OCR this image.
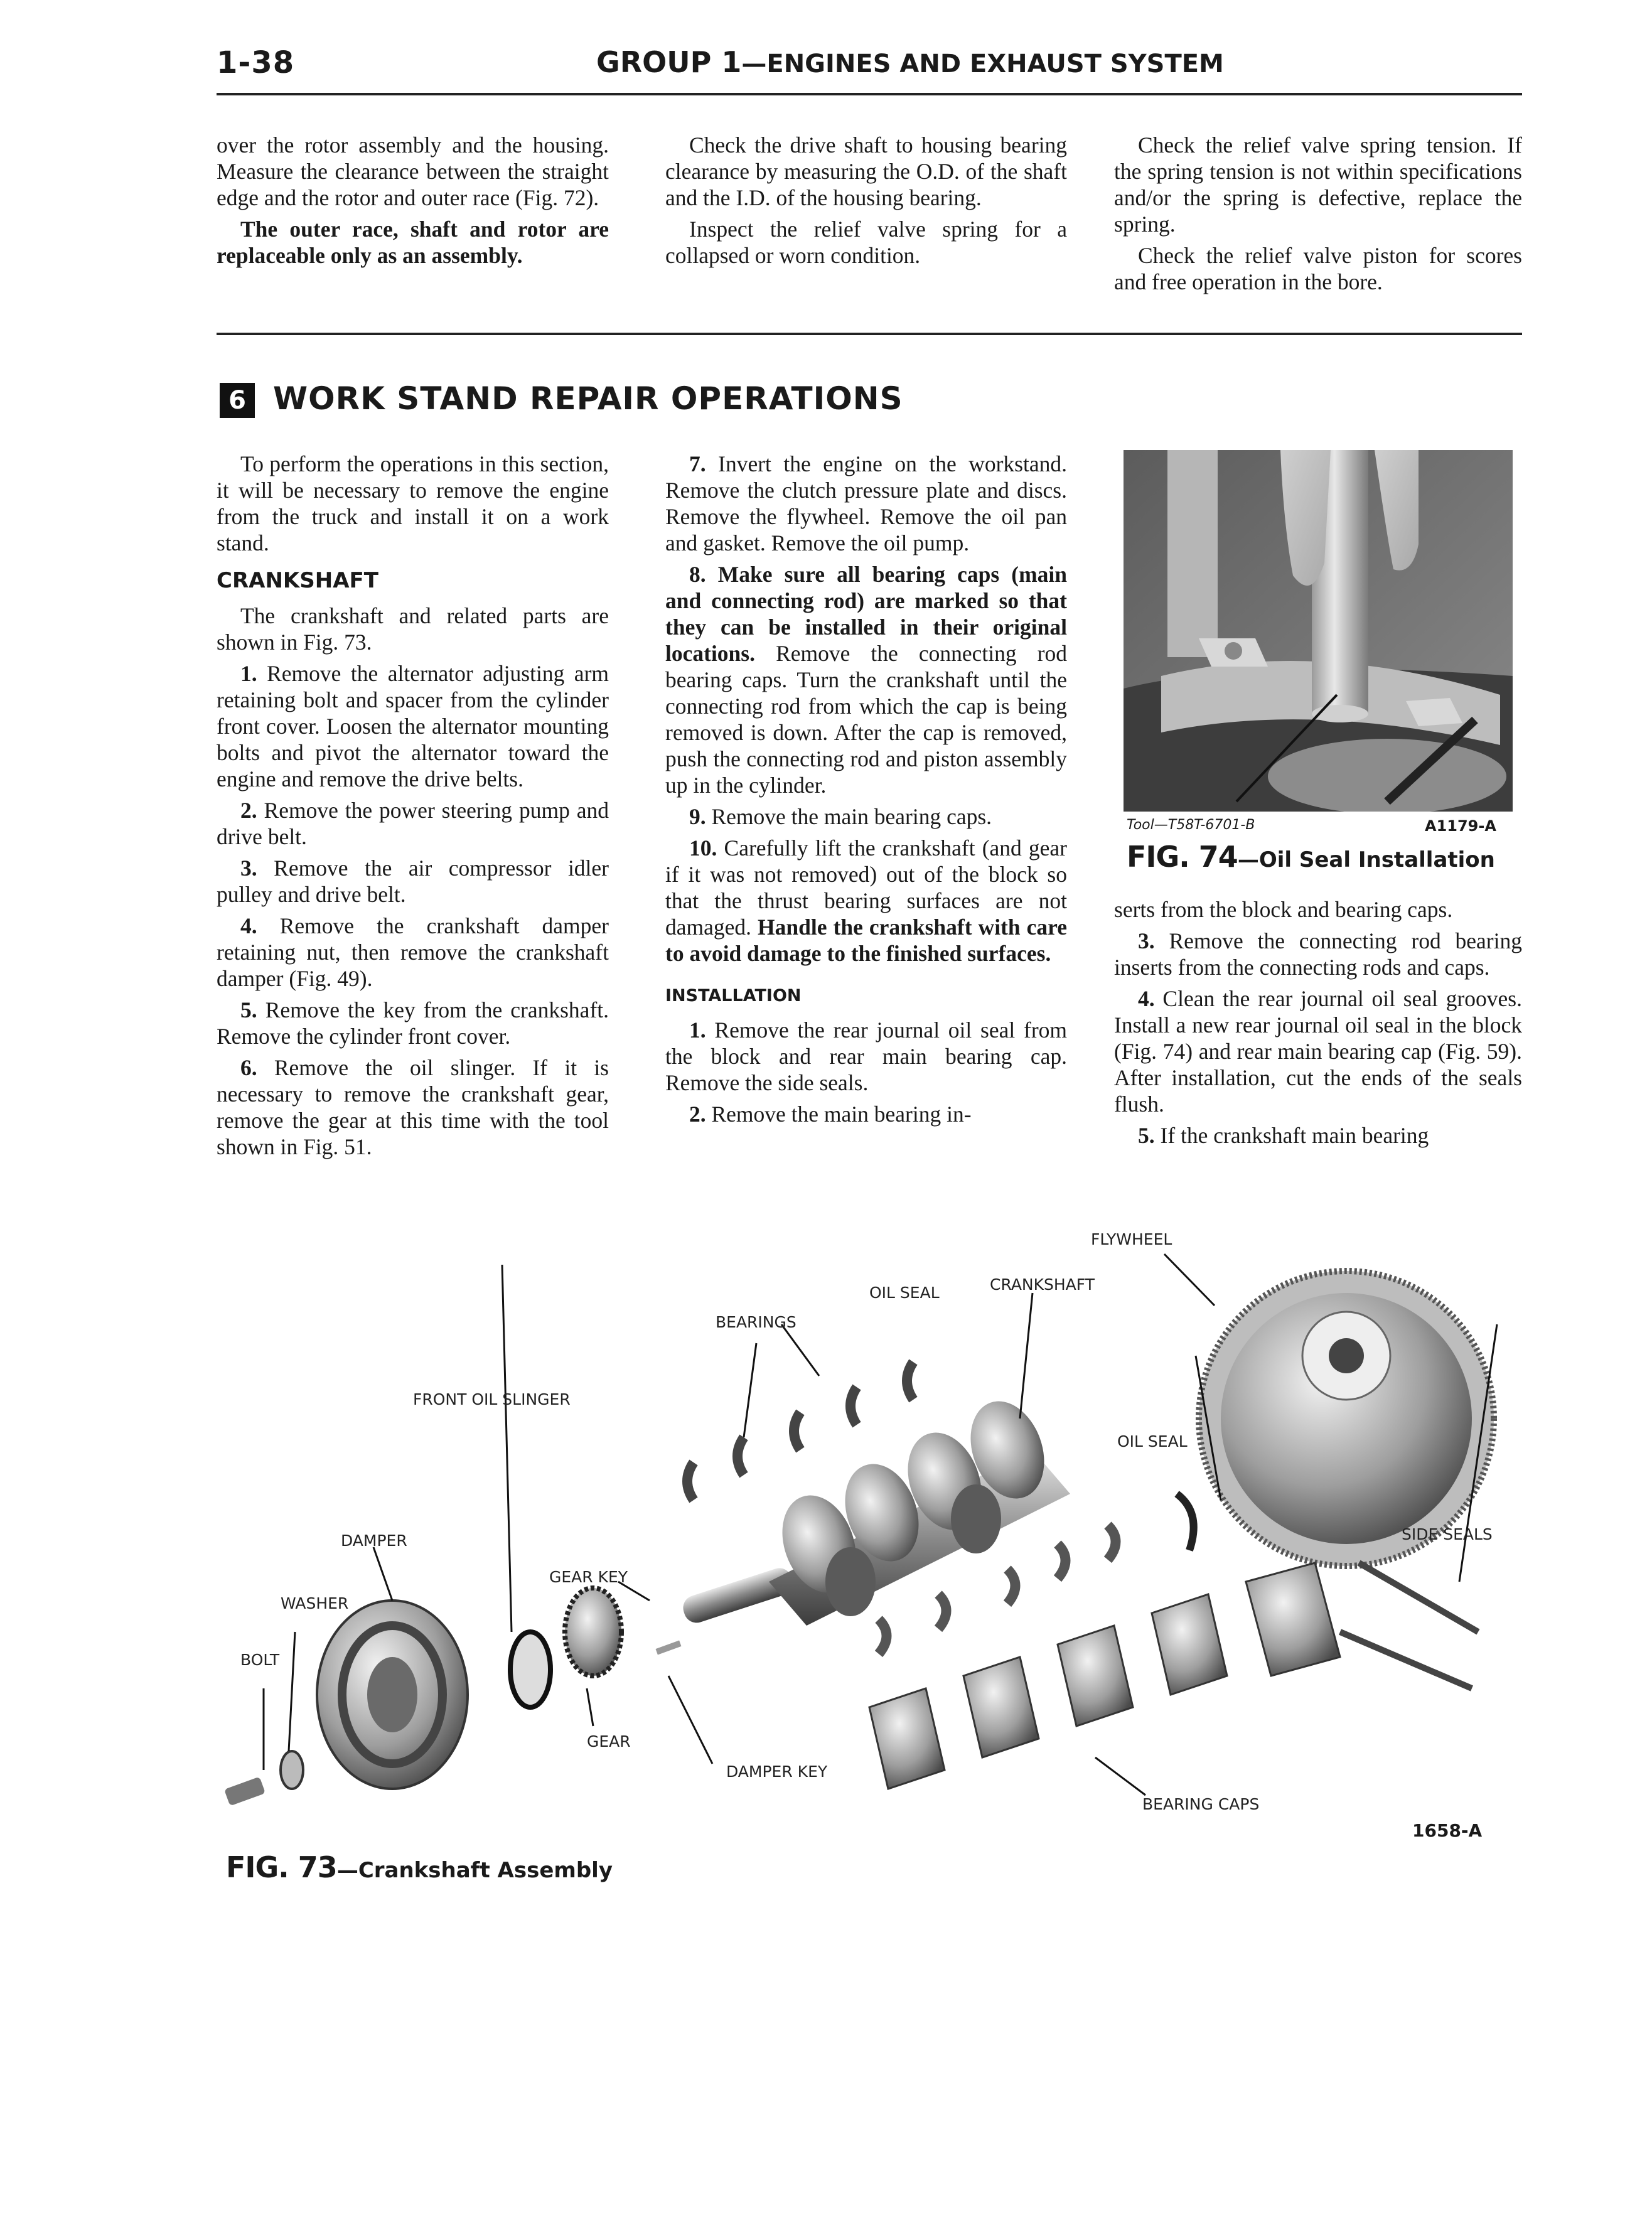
1-38	GROUP 1—ENGINES AND EXHAUST SYSTEM

over the rotor assembly and the housing. Measure the clearance between the straight edge and the rotor and outer race (Fig. 72).

The outer race, shaft and rotor are replaceable only as an assembly.

Check the drive shaft to housing bearing clearance by measuring the O.D. of the shaft and the I.D. of the housing bearing.

Inspect the relief valve spring for a collapsed or worn condition.

Check the relief valve spring tension. If the spring tension is not within specifications and/or the spring is defective, replace the spring.

Check the relief valve piston for scores and free operation in the bore.

6 WORK STAND REPAIR OPERATIONS

To perform the operations in this section, it will be necessary to remove the engine from the truck and install it on a work stand.

CRANKSHAFT

The crankshaft and related parts are shown in Fig. 73.

1. Remove the alternator adjusting arm retaining bolt and spacer from the cylinder front cover. Loosen the alternator mounting bolts and pivot the alternator toward the engine and remove the drive belts.

2. Remove the power steering pump and drive belt.

3. Remove the air compressor idler pulley and drive belt.

4. Remove the crankshaft damper retaining nut, then remove the crankshaft damper (Fig. 49).

5. Remove the key from the crankshaft. Remove the cylinder front cover.

6. Remove the oil slinger. If it is necessary to remove the crankshaft gear, remove the gear at this time with the tool shown in Fig. 51.

7. Invert the engine on the workstand. Remove the clutch pressure plate and discs. Remove the flywheel. Remove the oil pan and gasket. Remove the oil pump.

8. Make sure all bearing caps (main and connecting rod) are marked so that they can be installed in their original locations. Remove the connecting rod bearing caps. Turn the crankshaft until the connecting rod from which the cap is being removed is down. After the cap is removed, push the connecting rod and piston assembly up in the cylinder.

9. Remove the main bearing caps.

10. Carefully lift the crankshaft (and gear if it was not removed) out of the block so that the thrust bearing surfaces are not damaged. Handle the crankshaft with care to avoid damage to the finished surfaces.

INSTALLATION

1. Remove the rear journal oil seal from the block and rear main bearing cap. Remove the side seals.

2. Remove the main bearing in-

Tool—T58T-6701-B	A1179-A
FIG. 74—Oil Seal Installation

serts from the block and bearing caps.

3. Remove the connecting rod bearing inserts from the connecting rods and caps.

4. Clean the rear journal oil seal grooves. Install a new rear journal oil seal in the block (Fig. 74) and rear main bearing cap (Fig. 59). After installation, cut the ends of the seals flush.

5. If the crankshaft main bearing

FLYWHEEL
OIL SEAL	CRANKSHAFT
BEARINGS
FRONT OIL SLINGER
OIL SEAL
SIDE SEALS
DAMPER
GEAR KEY
WASHER
BOLT
GEAR
DAMPER KEY
BEARING CAPS
1658-A
FIG. 73—Crankshaft Assembly
